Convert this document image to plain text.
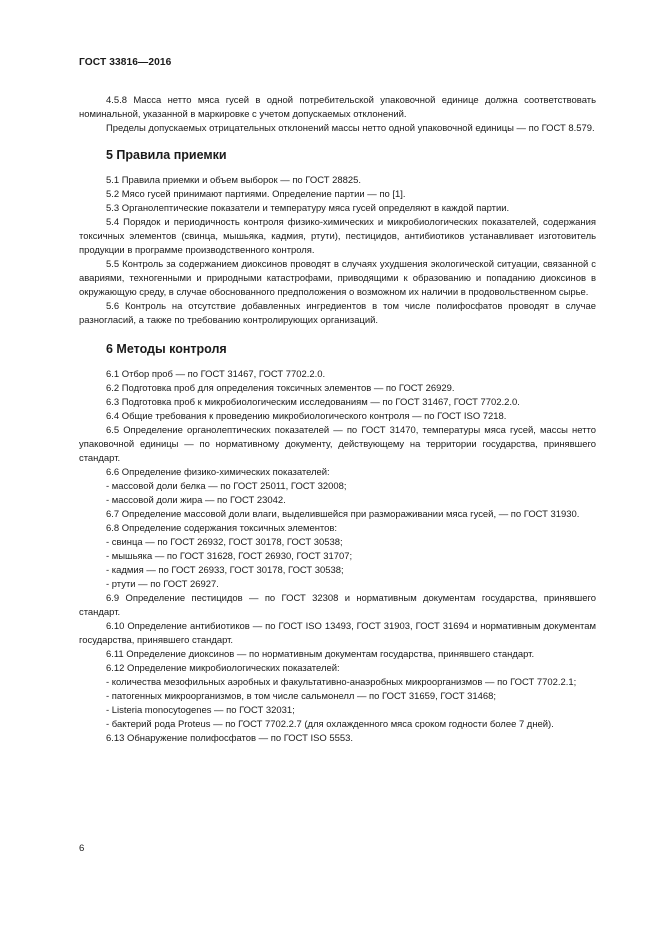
ГОСТ 33816—2016

4.5.8 Масса нетто мяса гусей в одной потребительской упаковочной единице должна соответствовать номинальной, указанной в маркировке с учетом допускаемых отклонений.

Пределы допускаемых отрицательных отклонений массы нетто одной упаковочной единицы — по ГОСТ 8.579.

5 Правила приемки

5.1 Правила приемки и объем выборок — по ГОСТ 28825.

5.2 Мясо гусей принимают партиями. Определение партии — по [1].

5.3 Органолептические показатели и температуру мяса гусей определяют в каждой партии.

5.4 Порядок и периодичность контроля физико-химических и микробиологических показателей, содержания токсичных элементов (свинца, мышьяка, кадмия, ртути), пестицидов, антибиотиков устанавливает изготовитель продукции в программе производственного контроля.

5.5 Контроль за содержанием диоксинов проводят в случаях ухудшения экологической ситуации, связанной с авариями, техногенными и природными катастрофами, приводящими к образованию и попаданию диоксинов в окружающую среду, в случае обоснованного предположения о возможном их наличии в продовольственном сырье.

5.6 Контроль на отсутствие добавленных ингредиентов в том числе полифосфатов проводят в случае разногласий, а также по требованию контролирующих организаций.

6 Методы контроля

6.1 Отбор проб — по ГОСТ 31467, ГОСТ 7702.2.0.

6.2 Подготовка проб для определения токсичных элементов — по ГОСТ 26929.

6.3 Подготовка проб к микробиологическим исследованиям — по ГОСТ 31467, ГОСТ 7702.2.0.

6.4 Общие требования к проведению микробиологического контроля — по ГОСТ ISO 7218.

6.5 Определение органолептических показателей — по ГОСТ 31470, температуры мяса гусей, массы нетто упаковочной единицы — по нормативному документу, действующему на территории государства, принявшего стандарт.

6.6 Определение физико-химических показателей:

- массовой доли белка — по ГОСТ 25011, ГОСТ 32008;

- массовой доли жира — по ГОСТ 23042.

6.7 Определение массовой доли влаги, выделившейся при размораживании мяса гусей, — по ГОСТ 31930.

6.8 Определение содержания токсичных элементов:

- свинца — по ГОСТ 26932, ГОСТ 30178, ГОСТ 30538;

- мышьяка — по ГОСТ 31628, ГОСТ 26930, ГОСТ 31707;

- кадмия — по ГОСТ 26933, ГОСТ 30178, ГОСТ 30538;

- ртути — по ГОСТ 26927.

6.9 Определение пестицидов — по ГОСТ 32308 и нормативным документам государства, принявшего стандарт.

6.10 Определение антибиотиков — по ГОСТ ISO 13493, ГОСТ 31903, ГОСТ 31694 и нормативным документам государства, принявшего стандарт.

6.11 Определение диоксинов — по нормативным документам государства, принявшего стандарт.

6.12 Определение микробиологических показателей:

- количества мезофильных аэробных и факультативно-анаэробных микроорганизмов — по ГОСТ 7702.2.1;

- патогенных микроорганизмов, в том числе сальмонелл — по ГОСТ 31659, ГОСТ 31468;

- Listeria monocytogenes — по ГОСТ 32031;

- бактерий рода Proteus — по ГОСТ 7702.2.7 (для охлажденного мяса сроком годности более 7 дней).

6.13 Обнаружение полифосфатов — по ГОСТ ISO 5553.

6
